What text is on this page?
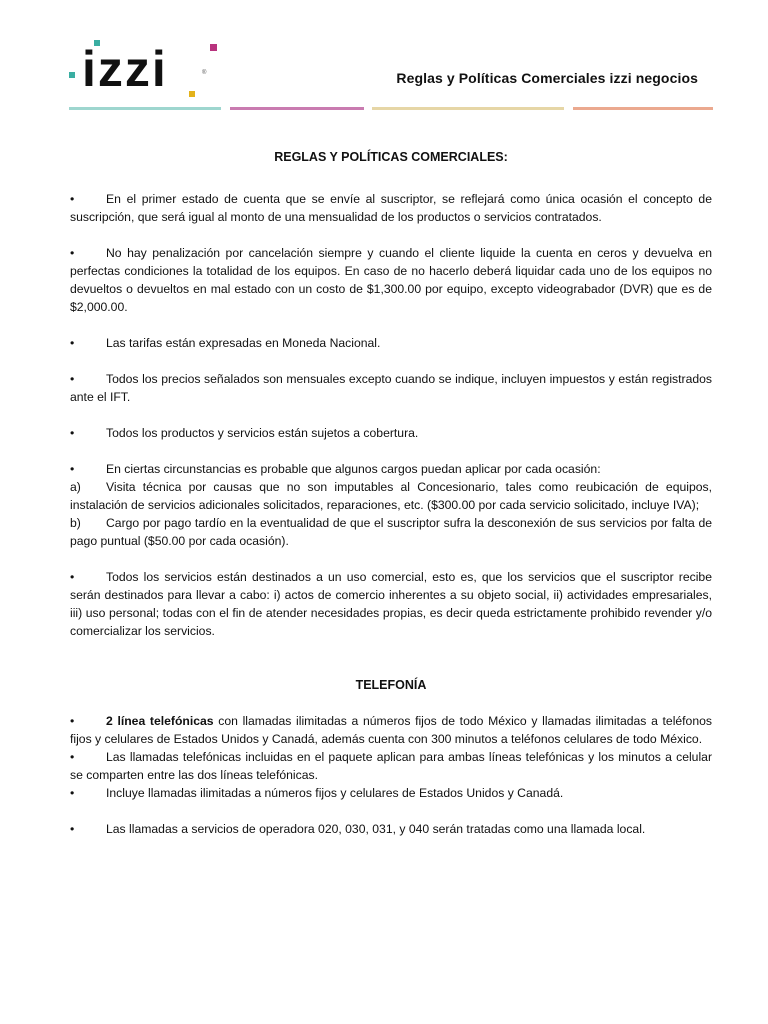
izzi	®	Reglas y Políticas Comerciales izzi negocios
REGLAS Y POLÍTICAS COMERCIALES:

•	En el primer estado de cuenta que se envíe al suscriptor, se reflejará como única ocasión el concepto de suscripción, que será igual al monto de una mensualidad de los productos o servicios contratados.

•	No hay penalización por cancelación siempre y cuando el cliente liquide la cuenta en ceros y devuelva en perfectas condiciones la totalidad de los equipos. En caso de no hacerlo deberá liquidar cada uno de los equipos no devueltos o devueltos en mal estado con un costo de $1,300.00 por equipo, excepto videograbador (DVR) que es de $2,000.00.

•	Las tarifas están expresadas en Moneda Nacional.

•	Todos los precios señalados son mensuales excepto cuando se indique, incluyen impuestos y están registrados ante el IFT.

•	Todos los productos y servicios están sujetos a cobertura.

•	En ciertas circunstancias es probable que algunos cargos puedan aplicar por cada ocasión:

a) Visita técnica por causas que no son imputables al Concesionario, tales como reubicación de equipos, instalación de servicios adicionales solicitados, reparaciones, etc. ($300.00 por cada servicio solicitado, incluye IVA);

b) Cargo por pago tardío en la eventualidad de que el suscriptor sufra la desconexión de sus servicios por falta de pago puntual ($50.00 por cada ocasión).

•	Todos los servicios están destinados a un uso comercial, esto es, que los servicios que el suscriptor recibe serán destinados para llevar a cabo: i) actos de comercio inherentes a su objeto social, ii) actividades empresariales, iii) uso personal; todas con el fin de atender necesidades propias, es decir queda estrictamente prohibido revender y/o comercializar los servicios.

TELEFONÍA

•	2 línea telefónicas con llamadas ilimitadas a números fijos de todo México y llamadas ilimitadas a teléfonos fijos y celulares de Estados Unidos y Canadá, además cuenta con 300 minutos a teléfonos celulares de todo México.

•	Las llamadas telefónicas incluidas en el paquete aplican para ambas líneas telefónicas y los minutos a celular se comparten entre las dos líneas telefónicas.

•	Incluye llamadas ilimitadas a números fijos y celulares de Estados Unidos y Canadá.

•	Las llamadas a servicios de operadora 020, 030, 031, y 040 serán tratadas como una llamada local.
